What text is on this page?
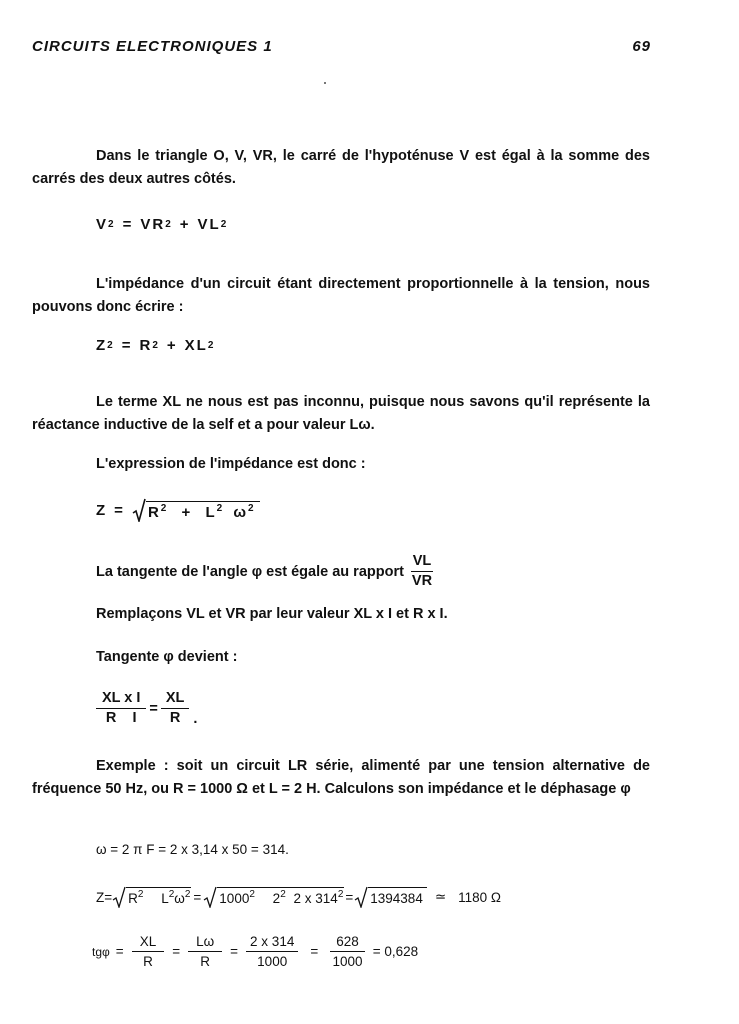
CIRCUITS ELECTRONIQUES 1	69
Dans le triangle O, V, VR, le carré de l'hypoténuse V est égal à la somme des carrés des deux autres côtés.
V 2 = VR 2 + VL 2
L'impédance d'un circuit étant directement proportionnelle à la tension, nous pouvons donc écrire :
Z 2 = R 2 + XL 2
Le terme XL ne nous est pas inconnu, puisque nous savons qu'il représente la réactance inductive de la self et a pour valeur Lω.
L'expression de l'impédance est donc :
Z =	$R^2 + L^2$ $\omega^2$
La tangente de l'angle φ est égale au rapport $\frac{VL}{VR}$
Remplaçons VL et VR par leur valeur XL x I et R x I.
Tangente φ devient :
$\frac{\text{XL x I}}{\text{R    I}} = \frac{XL}{R}$ .
Exemple : soit un circuit LR série, alimenté par une tension alternative de fréquence 50 Hz, ou R = 1000 Ω et L = 2 H. Calculons son impédance et le déphasage φ
ω = 2 π F = 2 x 3,14 x 50 = 314.
$Z= R^2$ $L^2\omega^2 = 1000^2$ $2^2$ 2 x $314^2 = 1394384$ ≃ 1180 Ω
$tg\varphi = \frac{XL}{R} = \frac{L\omega}{R} = \frac{2 x 314}{1000} = \frac{628}{1000} = 0,628$
